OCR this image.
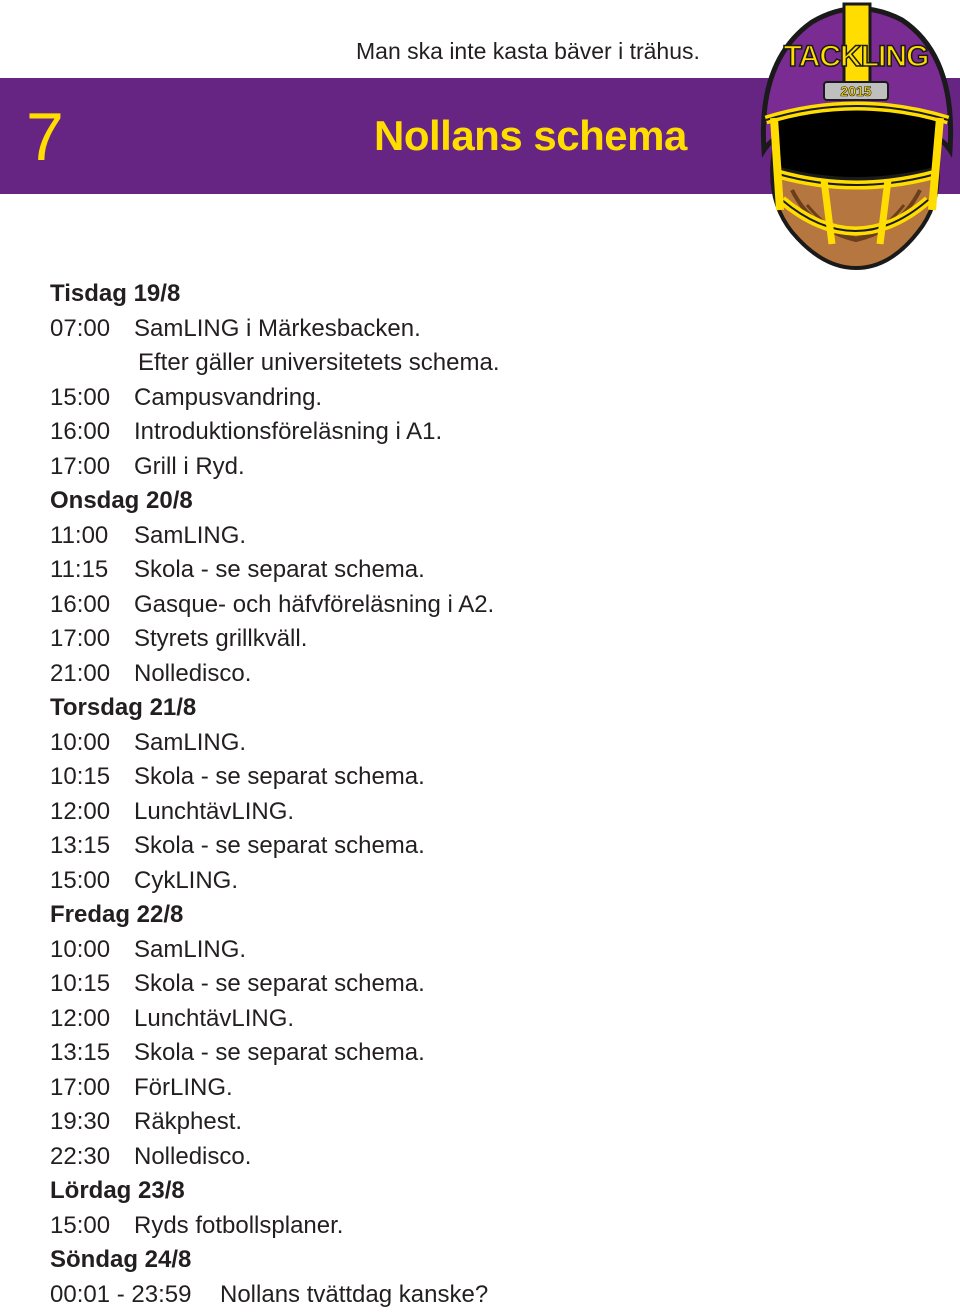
Man ska inte kasta bäver i trähus.
7	Nollans schema
2015
TACKLING
Tisdag 19/8
07:00 SamLING i Märkesbacken.
Efter gäller universitetets schema.
15:00 Campusvandring.
16:00 Introduktionsföreläsning i A1.
17:00 Grill i Ryd.
Onsdag 20/8
11:00	SamLING.
11:15	Skola - se separat schema.
16:00 Gasque- och häfvföreläsning i A2.
17:00 Styrets grillkväll.
21:00 Nolledisco.
Torsdag 21/8
10:00 SamLING.
10:15 Skola - se separat schema.
12:00 LunchtävLING.
13:15 Skola - se separat schema.
15:00 CykLING.
Fredag 22/8
10:00 SamLING.
10:15 Skola - se separat schema.
12:00 LunchtävLING.
13:15 Skola - se separat schema.
17:00 FörLING.
19:30 Räkphest.
22:30 Nolledisco.
Lördag 23/8
15:00 Ryds fotbollsplaner.
Söndag 24/8
00:01 - 23:59	Nollans tvättdag kanske?
